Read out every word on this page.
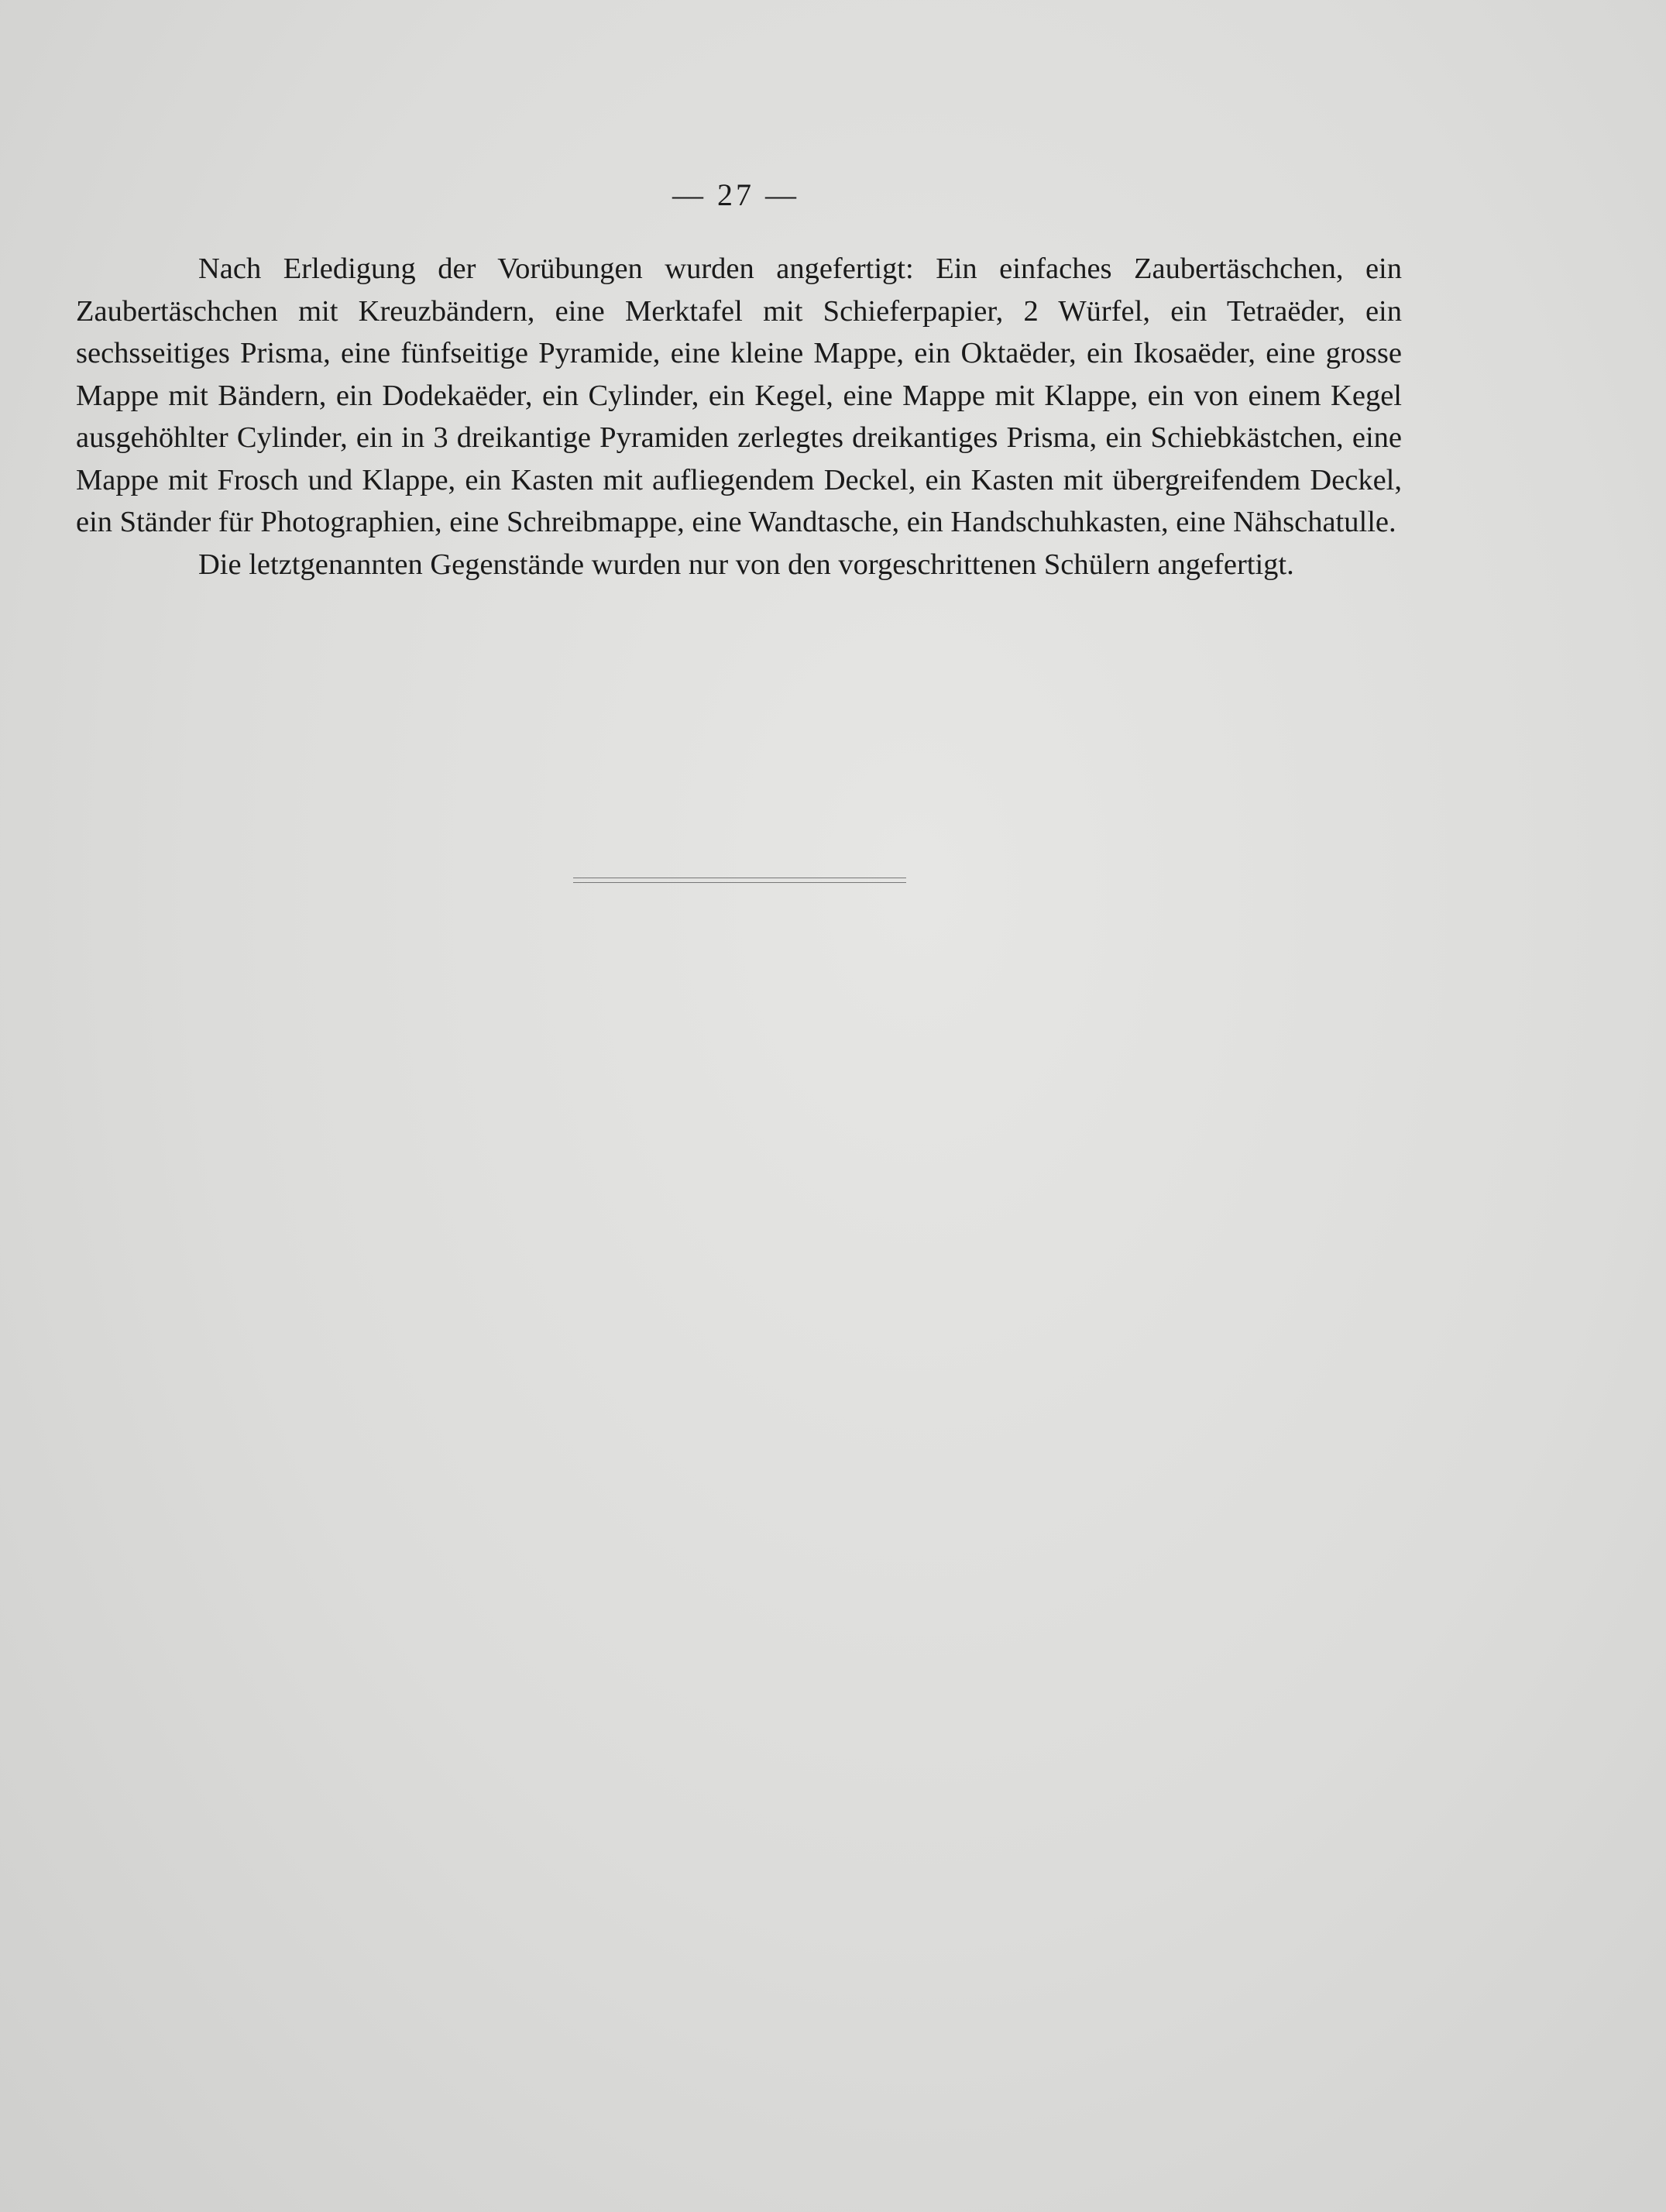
— 27 —

Nach Erledigung der Vorübungen wurden angefertigt: Ein einfaches Zaubertäschchen, ein Zaubertäschchen mit Kreuzbändern, eine Merktafel mit Schieferpapier, 2 Würfel, ein Tetraëder, ein sechsseitiges Prisma, eine fünfseitige Pyramide, eine kleine Mappe, ein Oktaëder, ein Ikosaëder, eine grosse Mappe mit Bändern, ein Dodekaëder, ein Cylinder, ein Kegel, eine Mappe mit Klappe, ein von einem Kegel ausgehöhlter Cylinder, ein in 3 dreikantige Pyramiden zerlegtes dreikantiges Prisma, ein Schiebkästchen, eine Mappe mit Frosch und Klappe, ein Kasten mit aufliegendem Deckel, ein Kasten mit übergreifendem Deckel, ein Ständer für Photographien, eine Schreibmappe, eine Wandtasche, ein Handschuhkasten, eine Nähschatulle.

Die letztgenannten Gegenstände wurden nur von den vorgeschrittenen Schülern angefertigt.
